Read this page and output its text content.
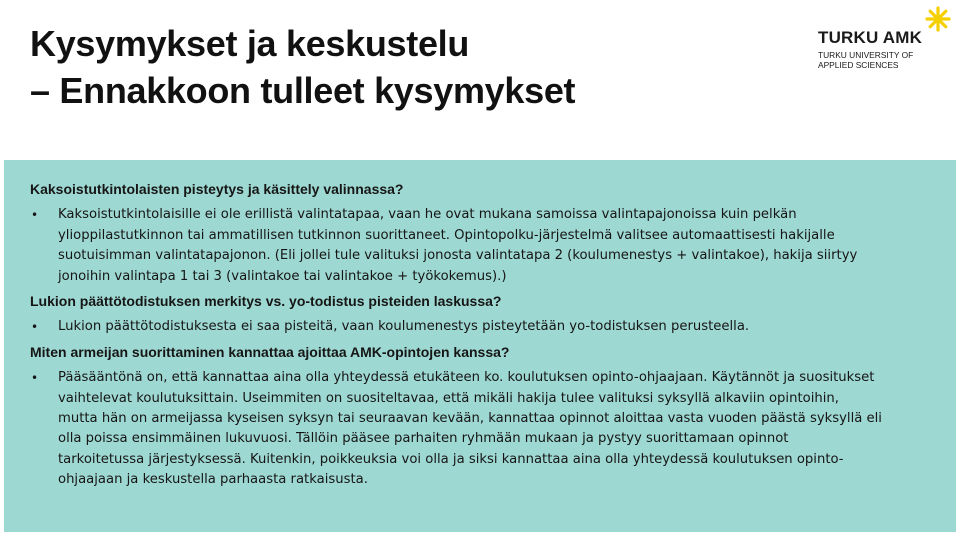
Kysymykset ja keskustelu
– Ennakkoon tulleet kysymykset
TURKU AMK
TURKU UNIVERSITY OF
APPLIED SCIENCES
Kaksoistutkintolaisten pisteytys ja käsittely valinnassa?
• Kaksoistutkintolaisille ei ole erillistä valintatapaa, vaan he ovat mukana samoissa valintapajonoissa kuin pelkän
ylioppilastutkinnon tai ammatillisen tutkinnon suorittaneet. Opintopolku-järjestelmä valitsee automaattisesti hakijalle
suotuisimman valintatapajonon. (Eli jollei tule valituksi jonosta valintatapa 2 (koulumenestys + valintakoe), hakija siirtyy
jonoihin valintapa 1 tai 3 (valintakoe tai valintakoe + työkokemus).)
Lukion päättötodistuksen merkitys vs. yo-todistus pisteiden laskussa?
• Lukion päättötodistuksesta ei saa pisteitä, vaan koulumenestys pisteytetään yo-todistuksen perusteella.
Miten armeijan suorittaminen kannattaa ajoittaa AMK-opintojen kanssa?
• Pääsääntönä on, että kannattaa aina olla yhteydessä etukäteen ko. koulutuksen opinto-ohjaajaan. Käytännöt ja suositukset
vaihtelevat koulutuksittain. Useimmiten on suositeltavaa, että mikäli hakija tulee valituksi syksyllä alkaviin opintoihin,
mutta hän on armeijassa kyseisen syksyn tai seuraavan kevään, kannattaa opinnot aloittaa vasta vuoden päästä syksyllä eli
olla poissa ensimmäinen lukuvuosi. Tällöin pääsee parhaiten ryhmään mukaan ja pystyy suorittamaan opinnot
tarkoitetussa järjestyksessä. Kuitenkin, poikkeuksia voi olla ja siksi kannattaa aina olla yhteydessä koulutuksen opinto-
ohjaajaan ja keskustella parhaasta ratkaisusta.
